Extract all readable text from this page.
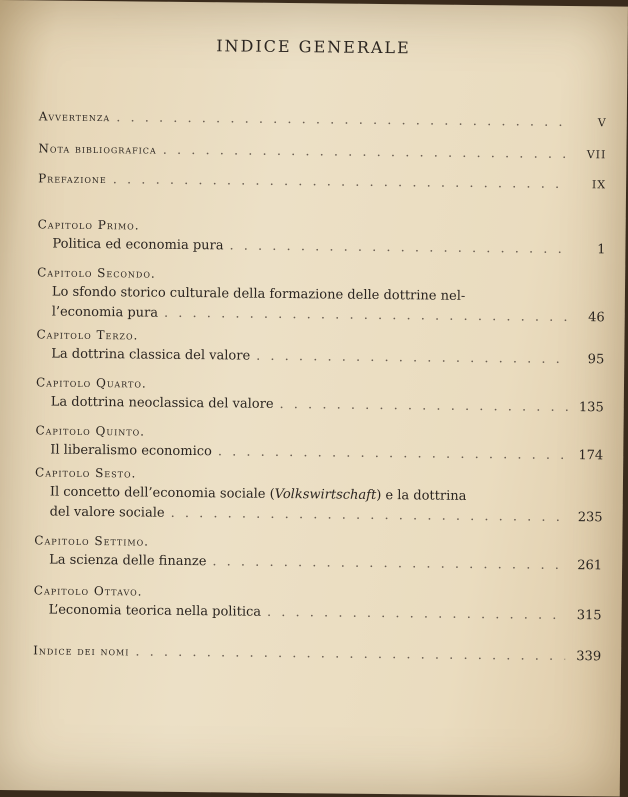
INDICE GENERALE
Avvertenza . . .	V
Nota bibliografica . . .	VII
Prefazione . . .	IX
Capitolo Primo.
Politica ed economia pura . . .	1
Capitolo Secondo.
Lo sfondo storico culturale della formazione delle dottrine nel-
l’economia pura . . .	46
Capitolo Terzo.
La dottrina classica del valore . . .	95
Capitolo Quarto.
La dottrina neoclassica del valore . . .	135
Capitolo Quinto.
Il liberalismo economico . . .	174
Capitolo Sesto.
Il concetto dell’economia sociale (Volkswirtschaft) e la dottrina
del valore sociale . . .	235
Capitolo Settimo.
La scienza delle finanze . . .	261
Capitolo Ottavo.
L’economia teorica nella politica . . .	315
Indice dei nomi . . .	339
